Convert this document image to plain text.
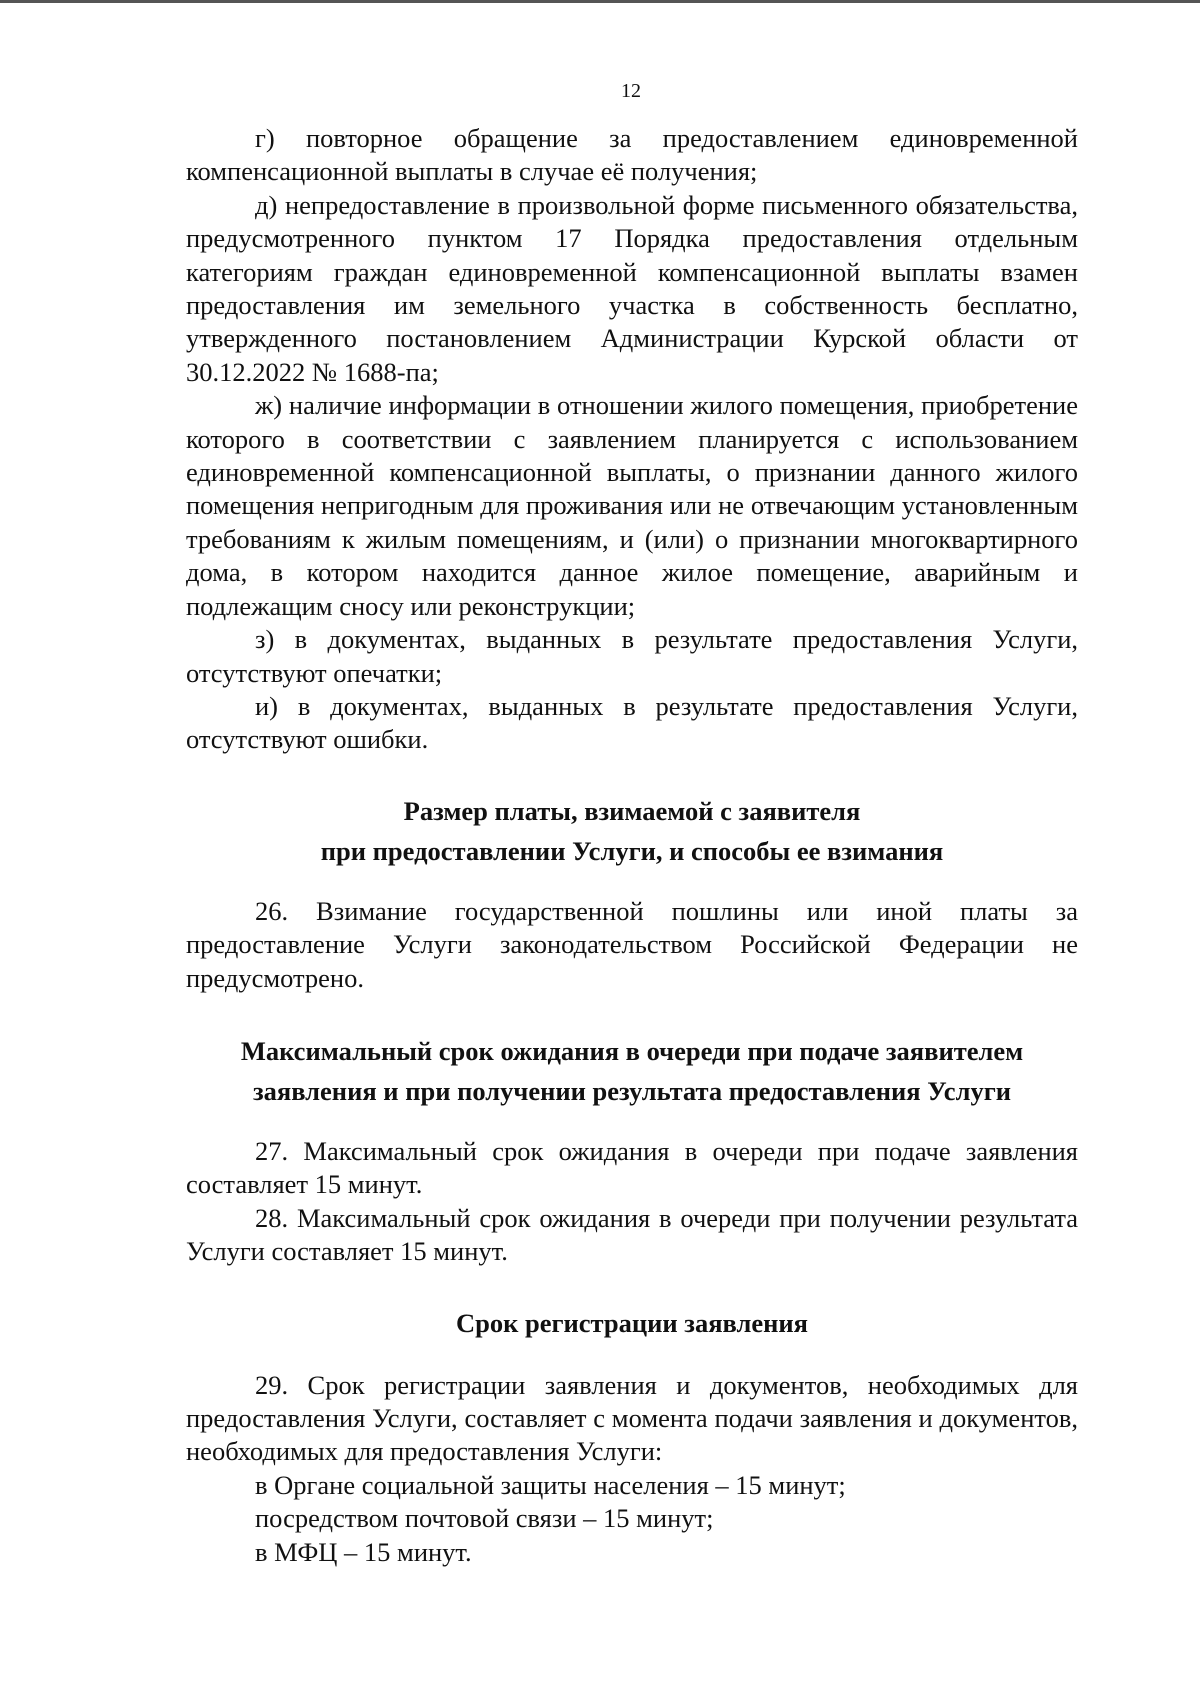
12

г) повторное обращение за предоставлением единовременной компенсационной выплаты в случае её получения;

д) непредоставление в произвольной форме письменного обязательства, предусмотренного пунктом 17 Порядка предоставления отдельным категориям граждан единовременной компенсационной выплаты взамен предоставления им земельного участка в собственность бесплатно, утвержденного постановлением Администрации Курской области от 30.12.2022 № 1688-па;

ж) наличие информации в отношении жилого помещения, приобретение которого в соответствии с заявлением планируется с использованием единовременной компенсационной выплаты, о признании данного жилого помещения непригодным для проживания или не отвечающим установленным требованиям к жилым помещениям, и (или) о признании многоквартирного дома, в котором находится данное жилое помещение, аварийным и подлежащим сносу или реконструкции;

з) в документах, выданных в результате предоставления Услуги, отсутствуют опечатки;

и) в документах, выданных в результате предоставления Услуги, отсутствуют ошибки.

Размер платы, взимаемой с заявителя

при предоставлении Услуги, и способы ее взимания

26. Взимание государственной пошлины или иной платы за предоставление Услуги законодательством Российской Федерации не предусмотрено.

Максимальный срок ожидания в очереди при подаче заявителем

заявления и при получении результата предоставления Услуги

27. Максимальный срок ожидания в очереди при подаче заявления составляет 15 минут.

28. Максимальный срок ожидания в очереди при получении результата Услуги составляет 15 минут.

Срок регистрации заявления

29. Срок регистрации заявления и документов, необходимых для предоставления Услуги, составляет с момента подачи заявления и документов, необходимых для предоставления Услуги:

в Органе социальной защиты населения – 15 минут;

посредством почтовой связи – 15 минут;

в МФЦ – 15 минут.
